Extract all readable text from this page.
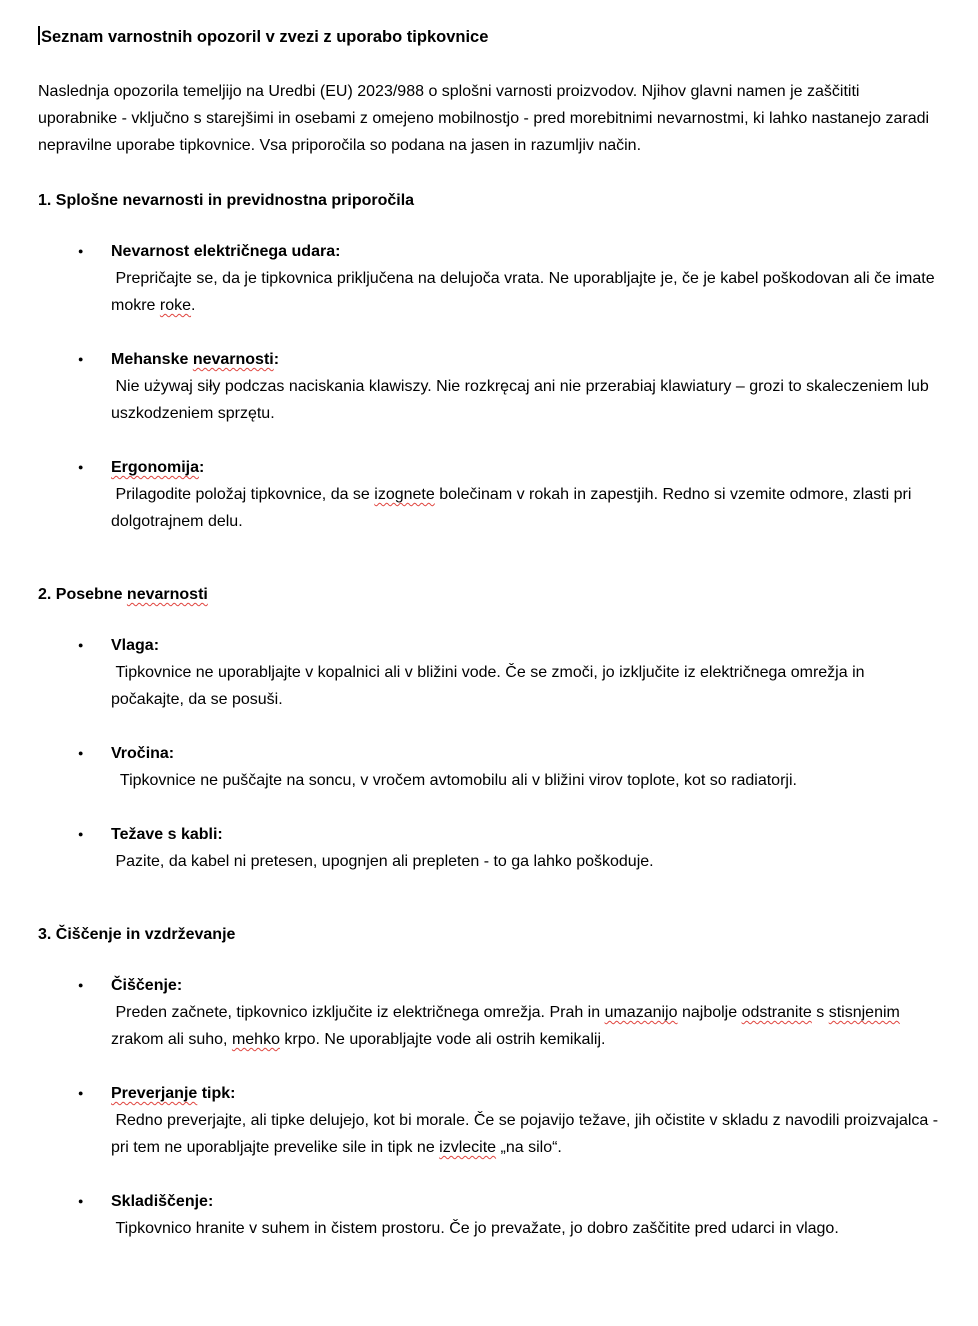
Seznam varnostnih opozoril v zvezi z uporabo tipkovnice

Naslednja opozorila temeljijo na Uredbi (EU) 2023/988 o splošni varnosti proizvodov. Njihov glavni namen je zaščititi uporabnike - vključno s starejšimi in osebami z omejeno mobilnostjo - pred morebitnimi nevarnostmi, ki lahko nastanejo zaradi nepravilne uporabe tipkovnice. Vsa priporočila so podana na jasen in razumljiv način.

1. Splošne nevarnosti in previdnostna priporočila
● Nevarnost električnega udara:
Prepričajte se, da je tipkovnica priključena na delujoča vrata. Ne uporabljajte je, če je kabel poškodovan ali če imate mokre roke.
● Mehanske nevarnosti:
Nie używaj siły podczas naciskania klawiszy. Nie rozkręcaj ani nie przerabiaj klawiatury – grozi to skaleczeniem lub uszkodzeniem sprzętu.
● Ergonomija:
Prilagodite položaj tipkovnice, da se izognete bolečinam v rokah in zapestjih. Redno si vzemite odmore, zlasti pri dolgotrajnem delu.
2. Posebne nevarnosti
● Vlaga:
Tipkovnice ne uporabljajte v kopalnici ali v bližini vode. Če se zmoči, jo izključite iz električnega omrežja in počakajte, da se posuši.
● Vročina:
Tipkovnice ne puščajte na soncu, v vročem avtomobilu ali v bližini virov toplote, kot so radiatorji.
● Težave s kabli:
Pazite, da kabel ni pretesen, upognjen ali prepleten - to ga lahko poškoduje.
3. Čiščenje in vzdrževanje
● Čiščenje:
Preden začnete, tipkovnico izključite iz električnega omrežja. Prah in umazanijo najbolje odstranite s stisnjenim zrakom ali suho, mehko krpo. Ne uporabljajte vode ali ostrih kemikalij.
● Preverjanje tipk:
Redno preverjajte, ali tipke delujejo, kot bi morale. Če se pojavijo težave, jih očistite v skladu z navodili proizvajalca - pri tem ne uporabljajte prevelike sile in tipk ne izvlecite „na silo“.
● Skladiščenje:
Tipkovnico hranite v suhem in čistem prostoru. Če jo prevažate, jo dobro zaščitite pred udarci in vlago.
